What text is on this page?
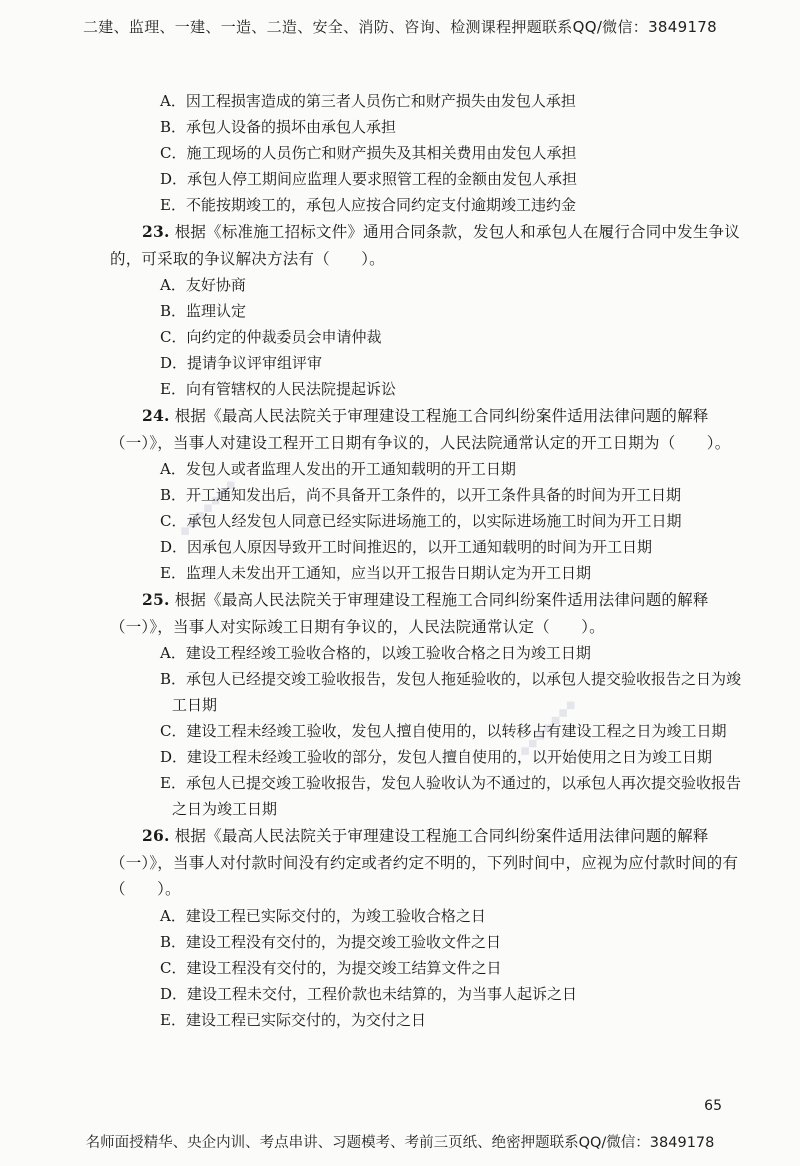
二建、监理、一建、一造、二造、安全、消防、咨询、检测课程押题联系QQ/微信：3849178
◆◆◆◆◆◆◆
◆◆◆◆◆◆◆
A．因工程损害造成的第三者人员伤亡和财产损失由发包人承担
B．承包人设备的损坏由承包人承担
C．施工现场的人员伤亡和财产损失及其相关费用由发包人承担
D．承包人停工期间应监理人要求照管工程的金额由发包人承担
E．不能按期竣工的，承包人应按合同约定支付逾期竣工违约金
23. 根据《标准施工招标文件》通用合同条款，发包人和承包人在履行合同中发生争议的，可采取的争议解决方法有（　　）。
A．友好协商
B．监理认定
C．向约定的仲裁委员会申请仲裁
D．提请争议评审组评审
E．向有管辖权的人民法院提起诉讼
24. 根据《最高人民法院关于审理建设工程施工合同纠纷案件适用法律问题的解释（一）》，当事人对建设工程开工日期有争议的，人民法院通常认定的开工日期为（　　）。
A．发包人或者监理人发出的开工通知载明的开工日期
B．开工通知发出后，尚不具备开工条件的，以开工条件具备的时间为开工日期
C．承包人经发包人同意已经实际进场施工的，以实际进场施工时间为开工日期
D．因承包人原因导致开工时间推迟的，以开工通知载明的时间为开工日期
E．监理人未发出开工通知，应当以开工报告日期认定为开工日期
25. 根据《最高人民法院关于审理建设工程施工合同纠纷案件适用法律问题的解释（一）》，当事人对实际竣工日期有争议的，人民法院通常认定（　　）。
A．建设工程经竣工验收合格的，以竣工验收合格之日为竣工日期
B．承包人已经提交竣工验收报告，发包人拖延验收的，以承包人提交验收报告之日为竣工日期
C．建设工程未经竣工验收，发包人擅自使用的，以转移占有建设工程之日为竣工日期
D．建设工程未经竣工验收的部分，发包人擅自使用的，以开始使用之日为竣工日期
E．承包人已提交竣工验收报告，发包人验收认为不通过的，以承包人再次提交验收报告之日为竣工日期
26. 根据《最高人民法院关于审理建设工程施工合同纠纷案件适用法律问题的解释（一）》，当事人对付款时间没有约定或者约定不明的，下列时间中，应视为应付款时间的有（　　）。
A．建设工程已实际交付的，为竣工验收合格之日
B．建设工程没有交付的，为提交竣工验收文件之日
C．建设工程没有交付的，为提交竣工结算文件之日
D．建设工程未交付，工程价款也未结算的，为当事人起诉之日
E．建设工程已实际交付的，为交付之日
65
名师面授精华、央企内训、考点串讲、习题模考、考前三页纸、绝密押题联系QQ/微信：3849178
